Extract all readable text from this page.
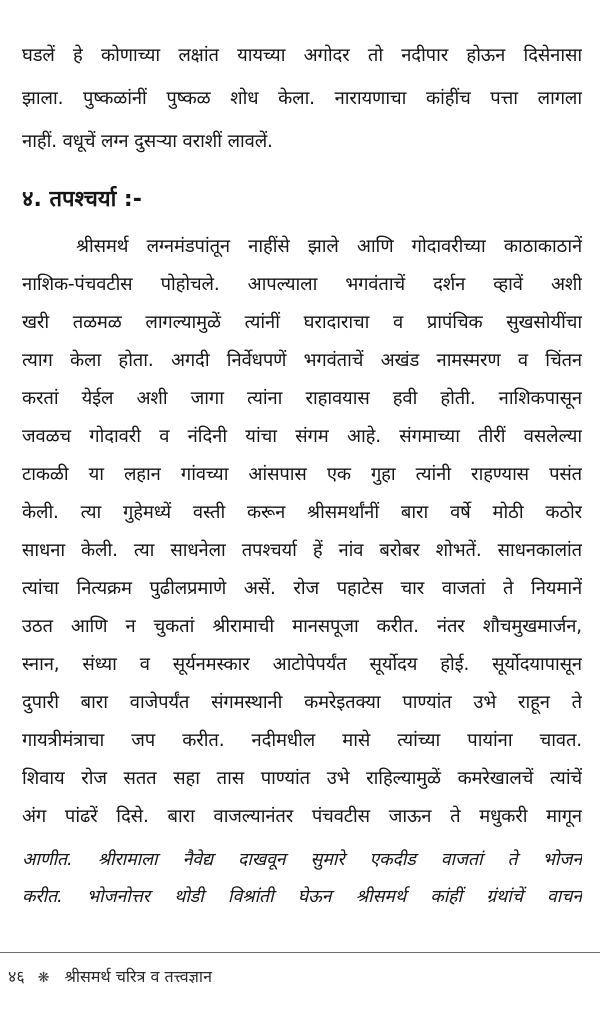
घडलें हे कोणाच्या लक्षांत यायच्या अगोदर तो नदीपार होऊन दिसेनासा
झाला. पुष्कळांनीं पुष्कळ शोध केला. नारायणाचा कांहींच पत्ता लागला
नाहीं. वधूचें लग्न दुसऱ्या वराशीं लावलें.
४. तपश्चर्या :-
श्रीसमर्थ लग्नमंडपांतून नाहींसे झाले आणि गोदावरीच्या काठाकाठानें
नाशिक-पंचवटीस पोहोचले. आपल्याला भगवंताचें दर्शन व्हावें अशी
खरी तळमळ लागल्यामुळें त्यांनीं घरादाराचा व प्रापंचिक सुखसोयींचा
त्याग केला होता. अगदी निर्वेधपणें भगवंताचें अखंड नामस्मरण व चिंतन
करतां येईल अशी जागा त्यांना राहावयास हवी होती. नाशिकपासून
जवळच गोदावरी व नंदिनी यांचा संगम आहे. संगमाच्या तीरीं वसलेल्या
टाकळी या लहान गांवच्या आंसपास एक गुहा त्यांनी राहण्यास पसंत
केली. त्या गुहेमध्यें वस्ती करून श्रीसमर्थांनीं बारा वर्षे मोठी कठोर
साधना केली. त्या साधनेला तपश्चर्या हें नांव बरोबर शोभतें. साधनकालांत
त्यांचा नित्यक्रम पुढीलप्रमाणे असें. रोज पहाटेस चार वाजतां ते नियमानें
उठत आणि न चुकतां श्रीरामाची मानसपूजा करीत. नंतर शौचमुखमार्जन,
स्नान, संध्या व सूर्यनमस्कार आटोपेपर्यंत सूर्योदय होई. सूर्योदयापासून
दुपारी बारा वाजेपर्यंत संगमस्थानी कमरेइतक्या पाण्यांत उभे राहून ते
गायत्रीमंत्राचा जप करीत. नदीमधील मासे त्यांच्या पायांना चावत.
शिवाय रोज सतत सहा तास पाण्यांत उभे राहिल्यामुळें कमरेखालचें त्यांचें
अंग पांढरें दिसे. बारा वाजल्यानंतर पंचवटीस जाऊन ते मधुकरी मागून
आणीत. श्रीरामाला नैवेद्य दाखवून सुमारे एकदीड वाजतां ते भोजन
करीत. भोजनोत्तर थोडी विश्रांती घेऊन श्रीसमर्थ कांहीं ग्रंथांचें वाचन
४६ ❋ श्रीसमर्थ चरित्र व तत्त्वज्ञान
